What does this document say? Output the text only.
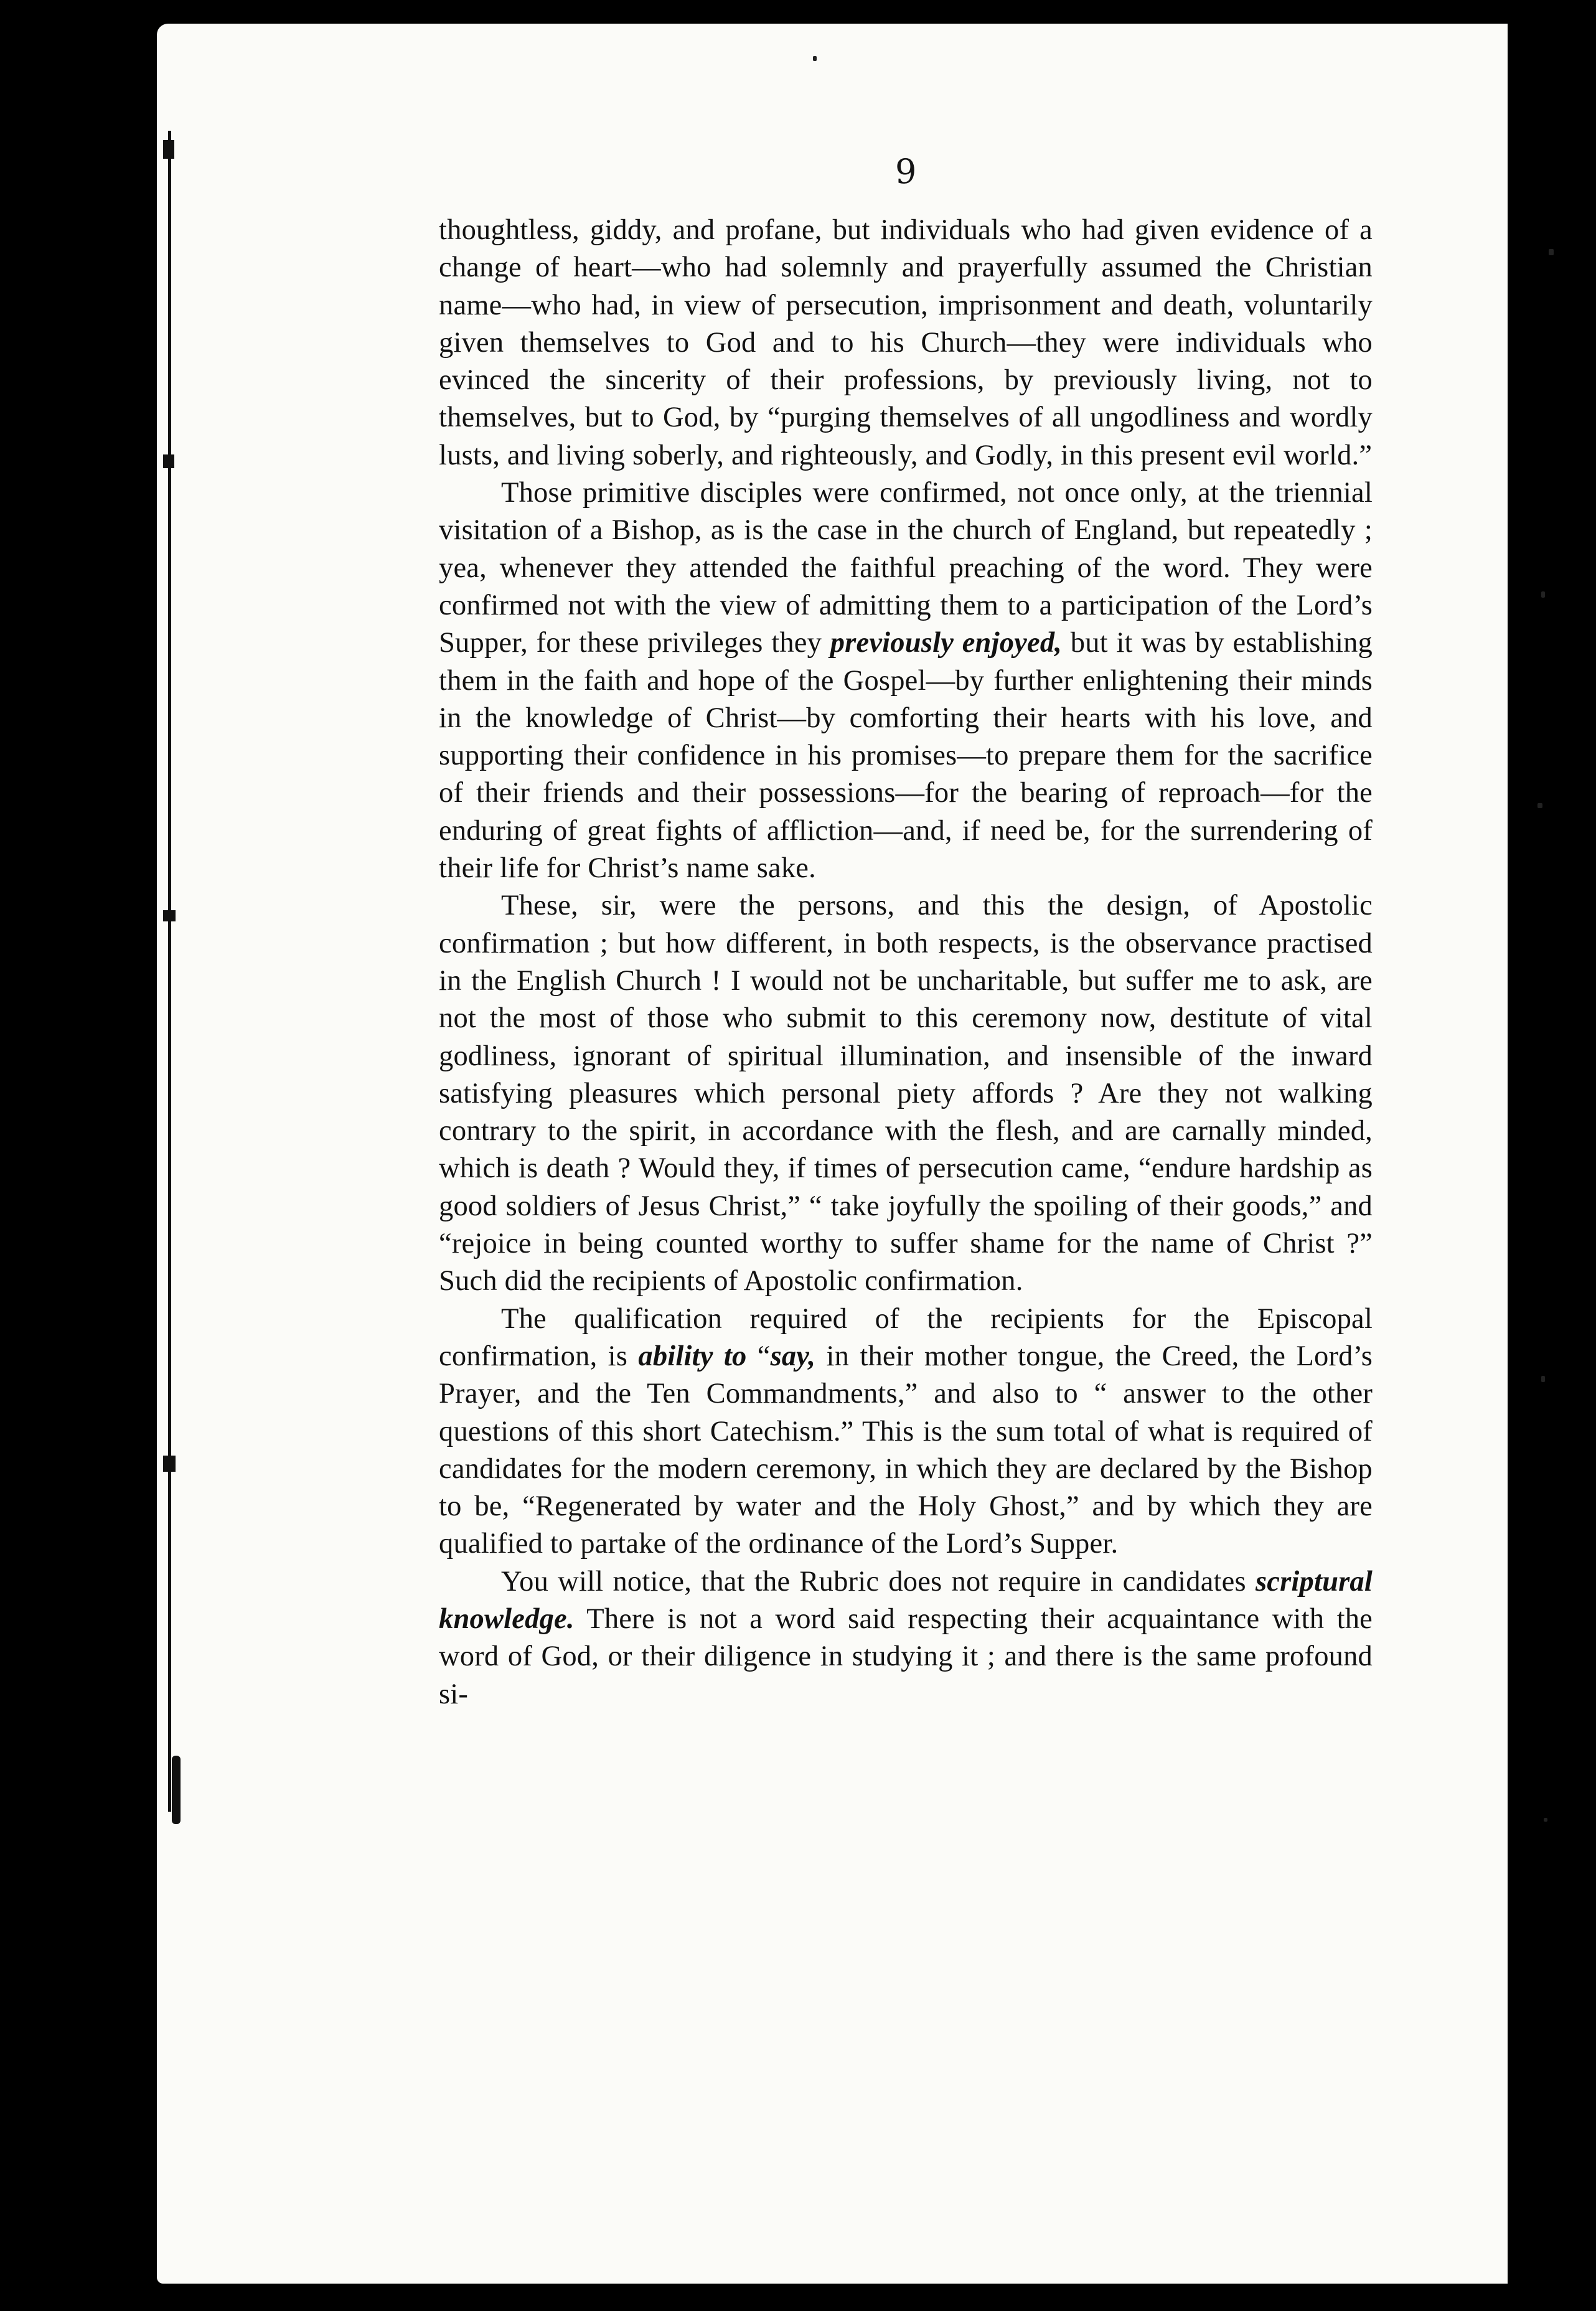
9

thoughtless, giddy, and profane, but individuals who had given evidence of a change of heart—who had solemnly and prayerfully assumed the Christian name—who had, in view of persecution, imprisonment and death, voluntarily given themselves to God and to his Church—they were individuals who evinced the sincerity of their professions, by previously living, not to themselves, but to God, by “purging themselves of all ungodliness and wordly lusts, and living soberly, and righteously, and Godly, in this present evil world.”

Those primitive disciples were confirmed, not once only, at the triennial visitation of a Bishop, as is the case in the church of England, but repeatedly ; yea, whenever they attended the faithful preaching of the word. They were confirmed not with the view of admitting them to a participation of the Lord’s Supper, for these privileges they previously enjoyed, but it was by establishing them in the faith and hope of the Gospel—by further enlightening their minds in the knowledge of Christ—by comforting their hearts with his love, and supporting their confidence in his promises—to prepare them for the sacrifice of their friends and their possessions—for the bearing of reproach—for the enduring of great fights of affliction—and, if need be, for the surrendering of their life for Christ’s name sake.

These, sir, were the persons, and this the design, of Apostolic confirmation ; but how different, in both respects, is the observance practised in the English Church ! I would not be uncharitable, but suffer me to ask, are not the most of those who submit to this ceremony now, destitute of vital godliness, ignorant of spiritual illumination, and insensible of the inward satisfying pleasures which personal piety affords ? Are they not walking contrary to the spirit, in accordance with the flesh, and are carnally minded, which is death ? Would they, if times of persecution came, “endure hardship as good soldiers of Jesus Christ,” “ take joyfully the spoiling of their goods,” and “rejoice in being counted worthy to suffer shame for the name of Christ ?” Such did the recipients of Apostolic confirmation.

The qualification required of the recipients for the Episcopal confirmation, is ability to “say, in their mother tongue, the Creed, the Lord’s Prayer, and the Ten Commandments,” and also to “ answer to the other questions of this short Catechism.” This is the sum total of what is required of candidates for the modern ceremony, in which they are declared by the Bishop to be, “Regenerated by water and the Holy Ghost,” and by which they are qualified to partake of the ordinance of the Lord’s Supper.

You will notice, that the Rubric does not require in candidates scriptural knowledge. There is not a word said respecting their acquaintance with the word of God, or their diligence in studying it ; and there is the same profound si-
